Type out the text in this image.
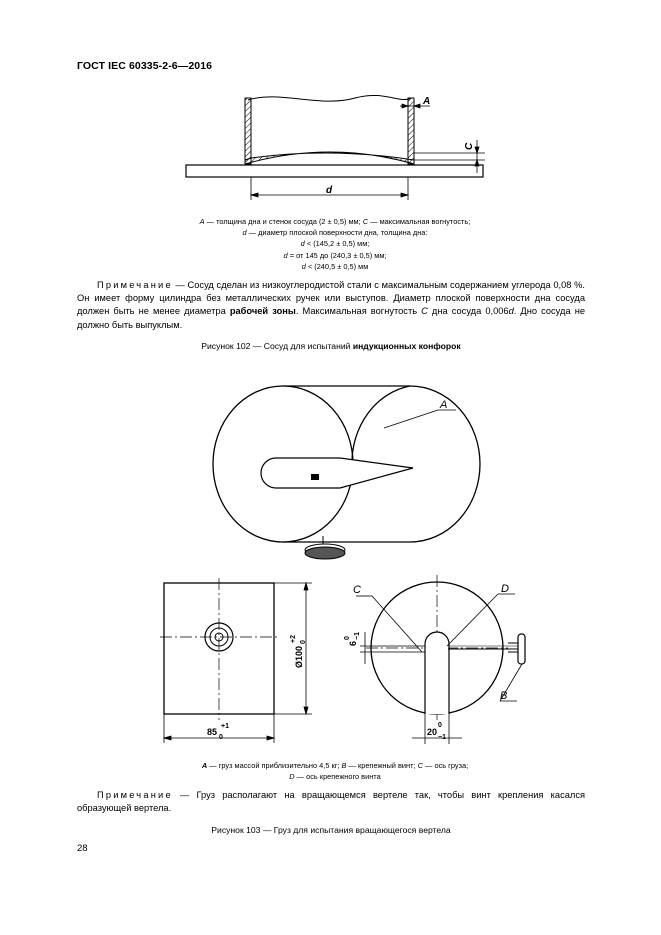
ГОСТ IEC 60335-2-6—2016
A
C
d
A — толщина дна и стенок сосуда (2 ± 0,5) мм; C — максимальная вогнутость;
d — диаметр плоской поверхности дна, толщина дна:
d < (145,2 ± 0,5) мм;
d = от 145 до (240,3 ± 0,5) мм;
d < (240,5 ± 0,5) мм
Примечание — Сосуд сделан из низкоуглеродистой стали с максимальным содержанием углерода 0,08 %. Он имеет форму цилиндра без металлических ручек или выступов. Диаметр плоской поверхности дна сосуда должен быть не менее диаметра рабочей зоны. Максимальная вогнутость C дна сосуда 0,006d. Дно сосуда не должно быть выпуклым.
Рисунок 102 — Сосуд для испытаний индукционных конфорок
A
85
+1
0
Ø100
+2 0
C	D
B
6
0 −1
20
0
−1
A — груз массой приблизительно 4,5 кг; B — крепежный винт; C — ось груза;
D — ось крепежного винта
Примечание — Груз располагают на вращающемся вертеле так, чтобы винт крепления касался образующей вертела.
Рисунок 103 — Груз для испытания вращающегося вертела
28
